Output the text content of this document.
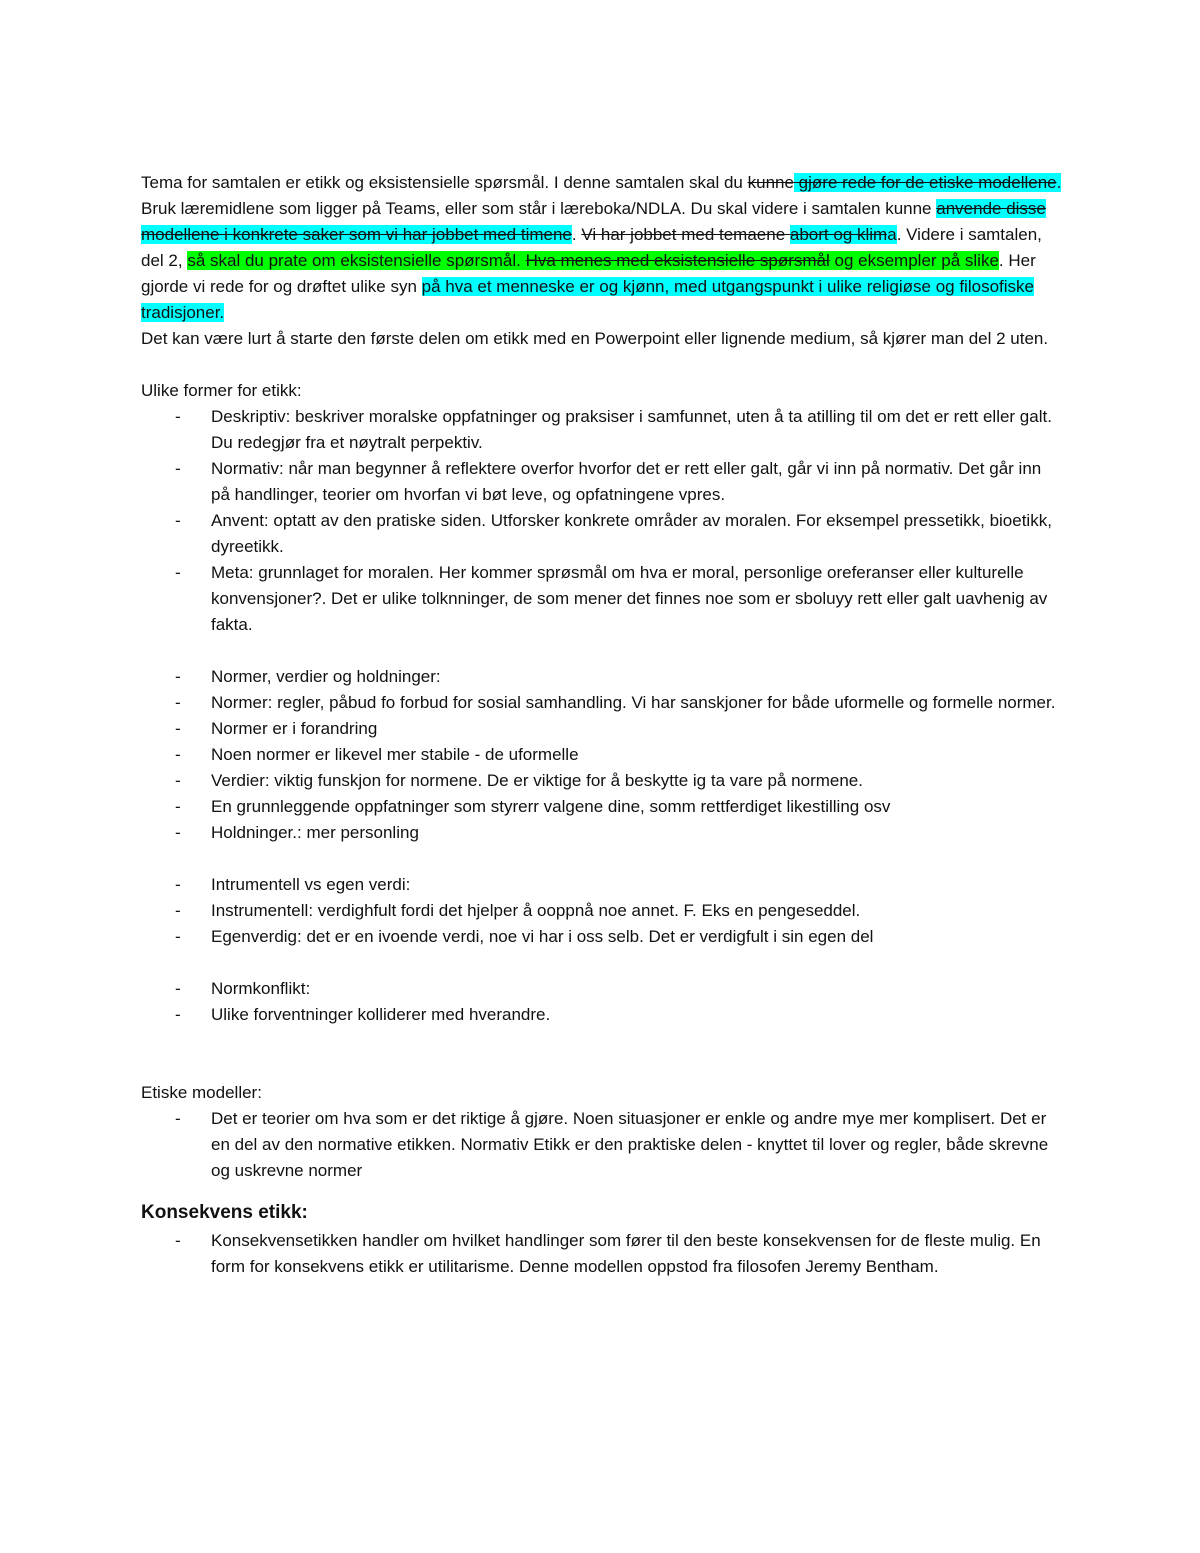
Tema for samtalen er etikk og eksistensielle spørsmål. I denne samtalen skal du kunne gjøre rede for de etiske modellene. Bruk læremidlene som ligger på Teams, eller som står i læreboka/NDLA. Du skal videre i samtalen kunne anvende disse modellene i konkrete saker som vi har jobbet med timene. Vi har jobbet med temaene abort og klima. Videre i samtalen, del 2, så skal du prate om eksistensielle spørsmål. Hva menes med eksistensielle spørsmål og eksempler på slike. Her gjorde vi rede for og drøftet ulike syn på hva et menneske er og kjønn, med utgangspunkt i ulike religiøse og filosofiske tradisjoner.

Det kan være lurt å starte den første delen om etikk med en Powerpoint eller lignende medium, så kjører man del 2 uten.

Ulike former for etikk:

- Deskriptiv: beskriver moralske oppfatninger og praksiser i samfunnet, uten å ta atilling til om det er rett eller galt. Du redegjør fra et nøytralt perpektiv.
- Normativ: når man begynner å reflektere overfor hvorfor det er rett eller galt, går vi inn på normativ. Det går inn på handlinger, teorier om hvorfan vi bøt leve, og opfatningene vpres.
- Anvent: optatt av den pratiske siden. Utforsker konkrete områder av moralen. For eksempel pressetikk, bioetikk, dyreetikk.
- Meta: grunnlaget for moralen. Her kommer sprøsmål om hva er moral, personlige oreferanser eller kulturelle konvensjoner?. Det er ulike tolknninger, de som mener det finnes noe som er sboluyy rett eller galt uavhenig av fakta.
- Normer, verdier og holdninger:
- Normer: regler, påbud fo forbud for sosial samhandling. Vi har sanskjoner for både uformelle og formelle normer.
- Normer er i forandring
- Noen normer er likevel mer stabile - de uformelle
- Verdier: viktig funskjon for normene. De er viktige for å beskytte ig ta vare på normene.
- En grunnleggende oppfatninger som styrerr valgene dine, somm rettferdiget likestilling osv
- Holdninger.: mer personling
- Intrumentell vs egen verdi:
- Instrumentell: verdighfult fordi det hjelper å ooppnå noe annet. F. Eks en pengeseddel.
- Egenverdig: det er en ivoende verdi, noe vi har i oss selb. Det er verdigfult i sin egen del
- Normkonflikt:
- Ulike forventninger kolliderer med hverandre.

Etiske modeller:

- Det er teorier om hva som er det riktige å gjøre. Noen situasjoner er enkle og andre mye mer komplisert. Det er en del av den normative etikken. Normativ Etikk er den praktiske delen - knyttet til lover og regler, både skrevne og uskrevne normer
Konsekvens etikk:
- Konsekvensetikken handler om hvilket handlinger som fører til den beste konsekvensen for de fleste mulig. En form for konsekvens etikk er utilitarisme. Denne modellen oppstod fra filosofen Jeremy Bentham.
